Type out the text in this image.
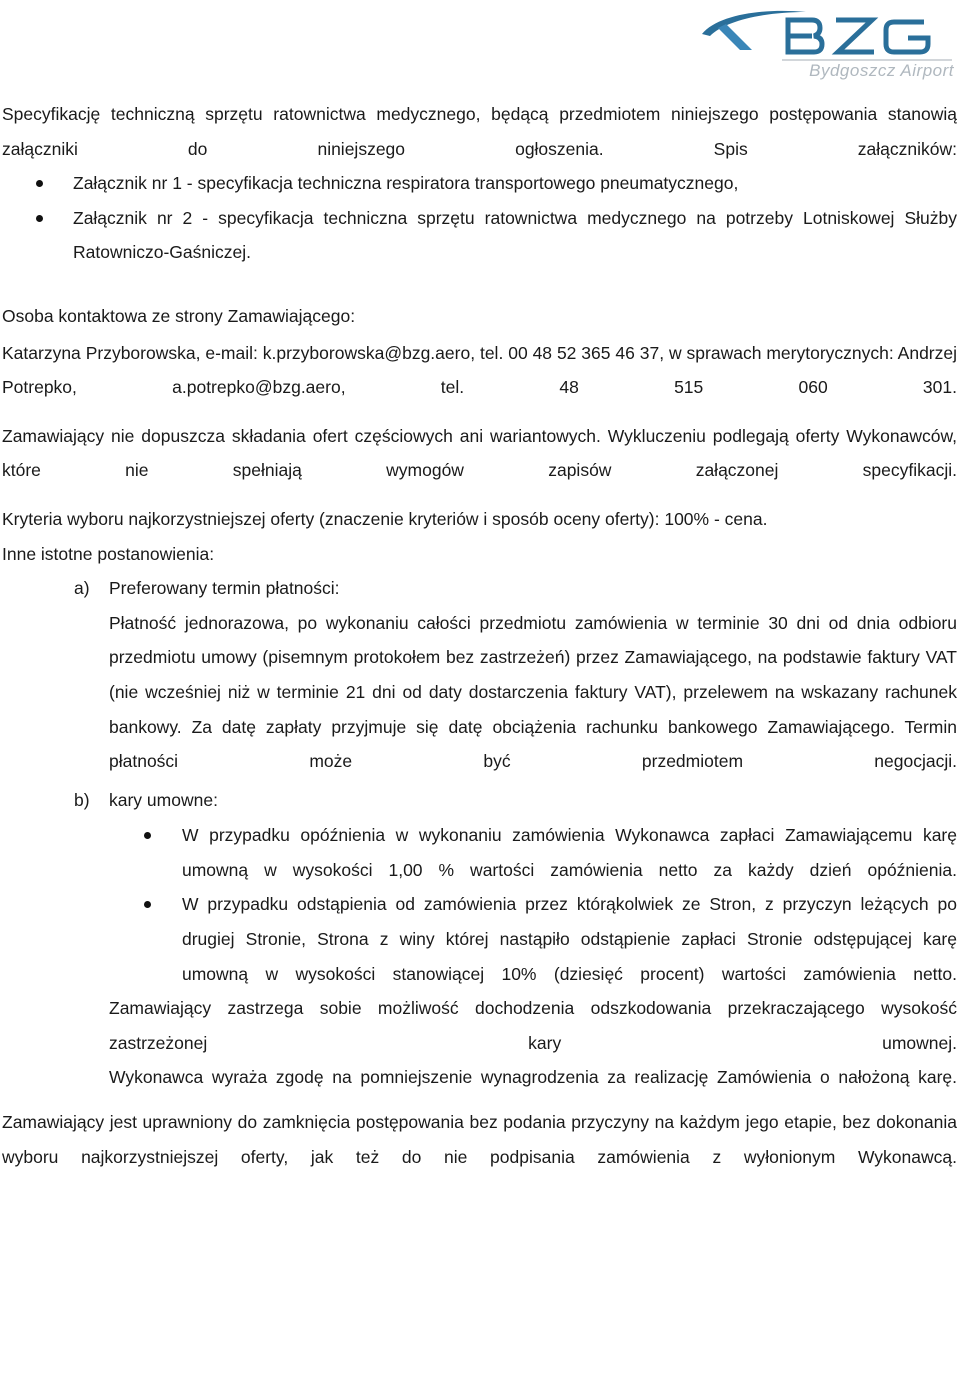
Bydgoszcz Airport

Specyfikację techniczną sprzętu ratownictwa medycznego, będącą przedmiotem niniejszego postępowania stanowią załączniki do niniejszego ogłoszenia. Spis załączników:

Załącznik nr 1 - specyfikacja techniczna respiratora transportowego pneumatycznego,
Załącznik nr 2 - specyfikacja techniczna sprzętu ratownictwa medycznego na potrzeby Lotniskowej Służby Ratowniczo-Gaśniczej.

Osoba kontaktowa ze strony Zamawiającego:

Katarzyna Przyborowska, e-mail: k.przyborowska@bzg.aero, tel. 00 48 52 365 46 37, w sprawach merytorycznych: Andrzej Potrepko, a.potrepko@bzg.aero, tel. 48 515 060 301.

Zamawiający nie dopuszcza składania ofert częściowych ani wariantowych. Wykluczeniu podlegają oferty Wykonawców, które nie spełniają wymogów zapisów załączonej specyfikacji.

Kryteria wyboru najkorzystniejszej oferty (znaczenie kryteriów i sposób oceny oferty): 100% - cena.

Inne istotne postanowienia:

a) Preferowany termin płatności:

Płatność jednorazowa, po wykonaniu całości przedmiotu zamówienia w terminie 30 dni od dnia odbioru przedmiotu umowy (pisemnym protokołem bez zastrzeżeń) przez Zamawiającego, na podstawie faktury VAT (nie wcześniej niż w terminie 21 dni od daty dostarczenia faktury VAT), przelewem na wskazany rachunek bankowy. Za datę zapłaty przyjmuje się datę obciążenia rachunku bankowego Zamawiającego. Termin płatności może być przedmiotem negocjacji.

b) kary umowne:
W przypadku opóźnienia w wykonaniu zamówienia Wykonawca zapłaci Zamawiającemu karę umowną w wysokości 1,00 % wartości zamówienia netto za każdy dzień opóźnienia.
W przypadku odstąpienia od zamówienia przez którąkolwiek ze Stron, z przyczyn leżących po drugiej Stronie, Strona z winy której nastąpiło odstąpienie zapłaci Stronie odstępującej karę umowną w wysokości stanowiącej 10% (dziesięć procent) wartości zamówienia netto.

Zamawiający zastrzega sobie możliwość dochodzenia odszkodowania przekraczającego wysokość zastrzeżonej kary umownej.

Wykonawca wyraża zgodę na pomniejszenie wynagrodzenia za realizację Zamówienia o nałożoną karę.

Zamawiający jest uprawniony do zamknięcia postępowania bez podania przyczyny na każdym jego etapie, bez dokonania wyboru najkorzystniejszej oferty, jak też do nie podpisania zamówienia z wyłonionym Wykonawcą.
